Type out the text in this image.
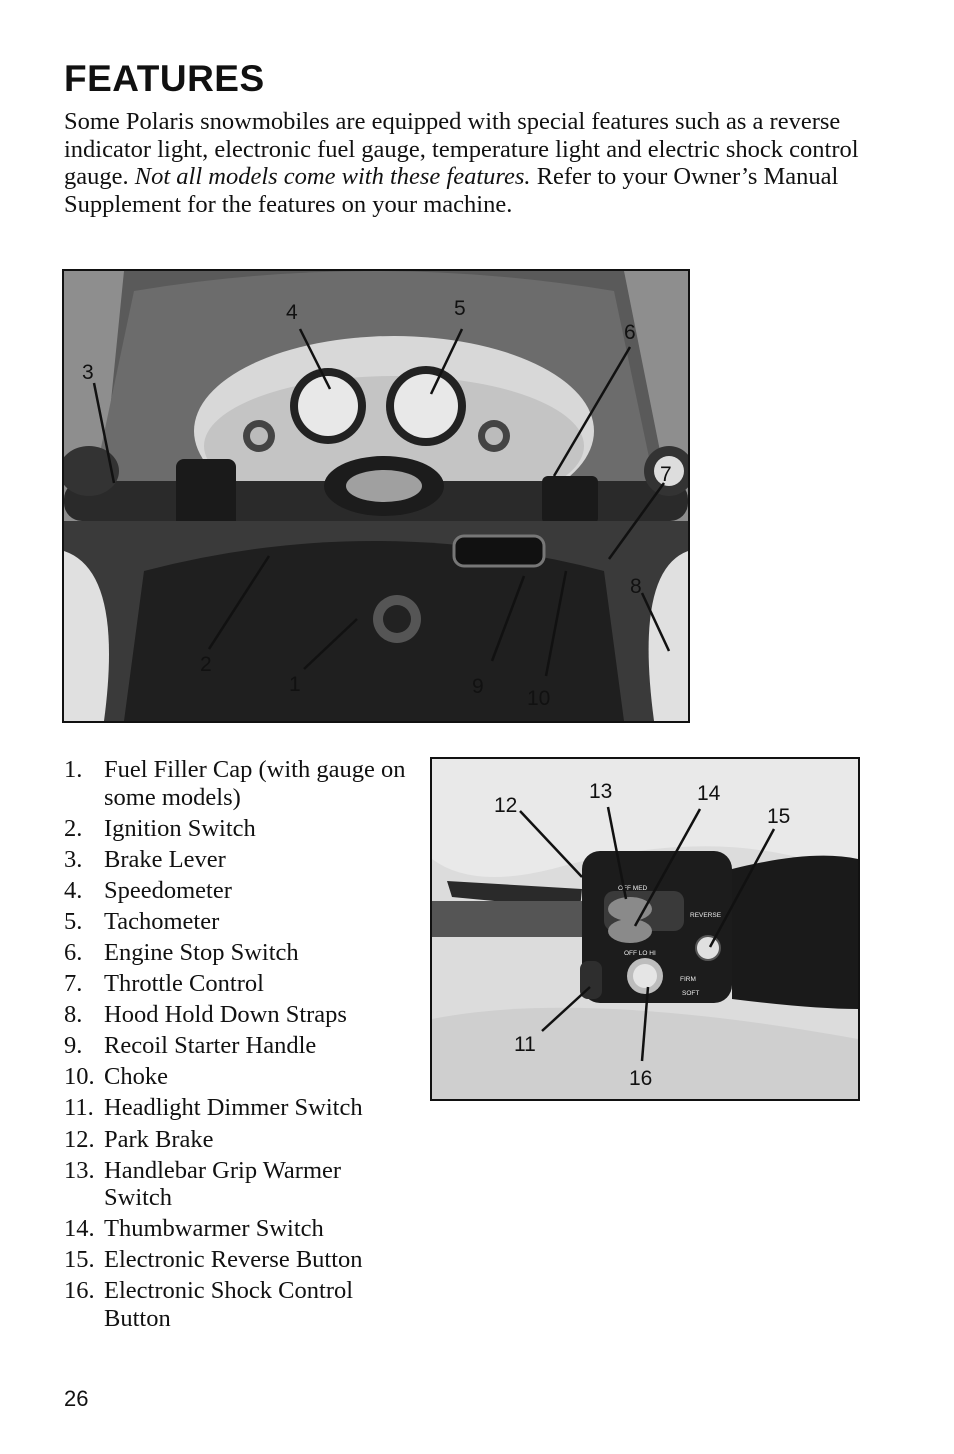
FEATURES

Some Polaris snowmobiles are equipped with special features such as a reverse indicator light, electronic fuel gauge, temperature light and electric shock control gauge. Not all models come with these features. Refer to your Owner’s Manual Supplement for the features on your machine.

4	5
6
3
7
8
2
1	9
10
1. Fuel Filler Cap (with gauge on some models)
2. Ignition Switch
3. Brake Lever
4. Speedometer
5. Tachometer
6. Engine Stop Switch
7. Throttle Control
8. Hood Hold Down Straps
9. Recoil Starter Handle
10. Choke
11. Headlight Dimmer Switch
12. Park Brake
13. Handlebar Grip Warmer Switch
14. Thumbwarmer Switch
15. Electronic Reverse Button
16. Electronic Shock Control Button
OFF MED
OFF LO HI
REVERSE
FIRM
SOFT
12
13	14
15
11
16
26
